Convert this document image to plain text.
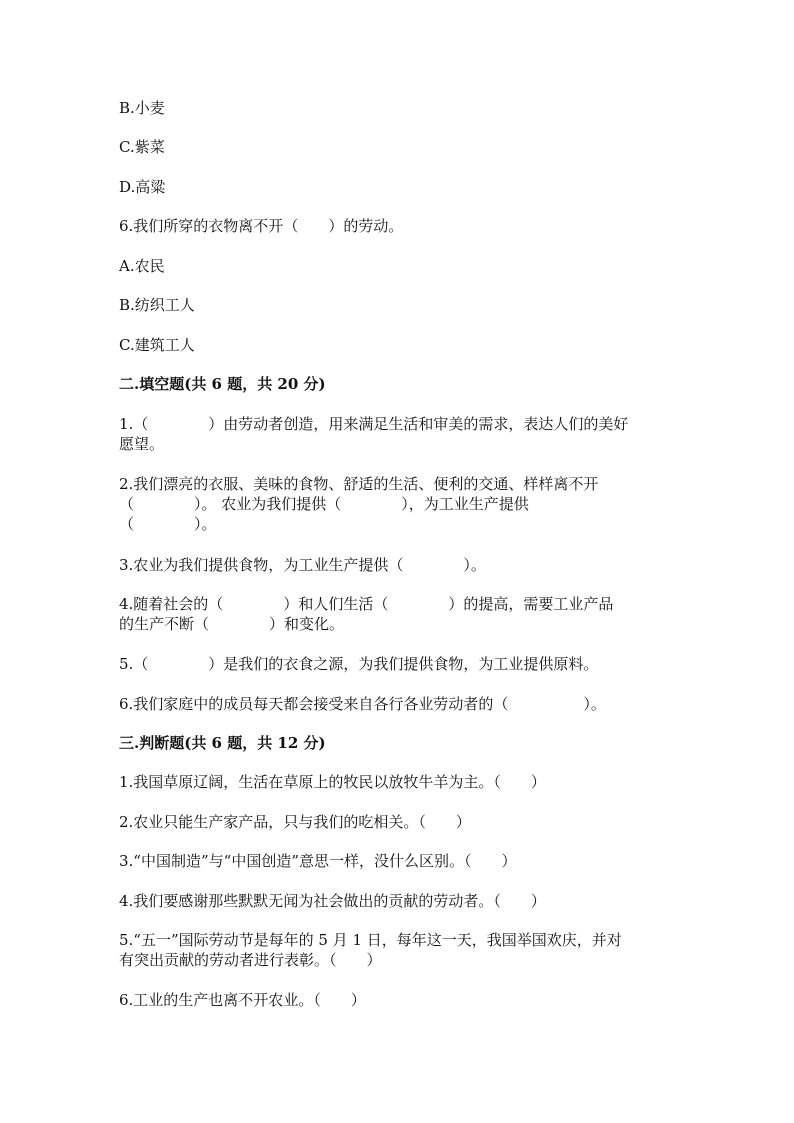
B.小麦

C.紫菜

D.高粱

6.我们所穿的衣物离不开（　　）的劳动。

A.农民

B.纺织工人

C.建筑工人

二.填空题(共 6 题，共 20 分)

1.（　　　　）由劳动者创造，用来满足生活和审美的需求，表达人们的美好

愿望。

2.我们漂亮的衣服、美味的食物、舒适的生活、便利的交通、样样离不开

（　　　　）。 农业为我们提供（　　　　），为工业生产提供

（　　　　）。

3.农业为我们提供食物，为工业生产提供（　　　　）。

4.随着社会的（　　　　）和人们生活（　　　　）的提高，需要工业产品

的生产不断（　　　　）和变化。

5.（　　　　）是我们的衣食之源，为我们提供食物，为工业提供原料。

6.我们家庭中的成员每天都会接受来自各行各业劳动者的（　　　　　）。

三.判断题(共 6 题，共 12 分)

1.我国草原辽阔，生活在草原上的牧民以放牧牛羊为主。（　　）

2.农业只能生产家产品，只与我们的吃相关。（　　）

3.“中国制造”与“中国创造”意思一样，没什么区别。（　　）

4.我们要感谢那些默默无闻为社会做出的贡献的劳动者。（　　）

5.“五一”国际劳动节是每年的 5 月 1 日，每年这一天，我国举国欢庆，并对

有突出贡献的劳动者进行表彰。（　　）

6.工业的生产也离不开农业。（　　）
